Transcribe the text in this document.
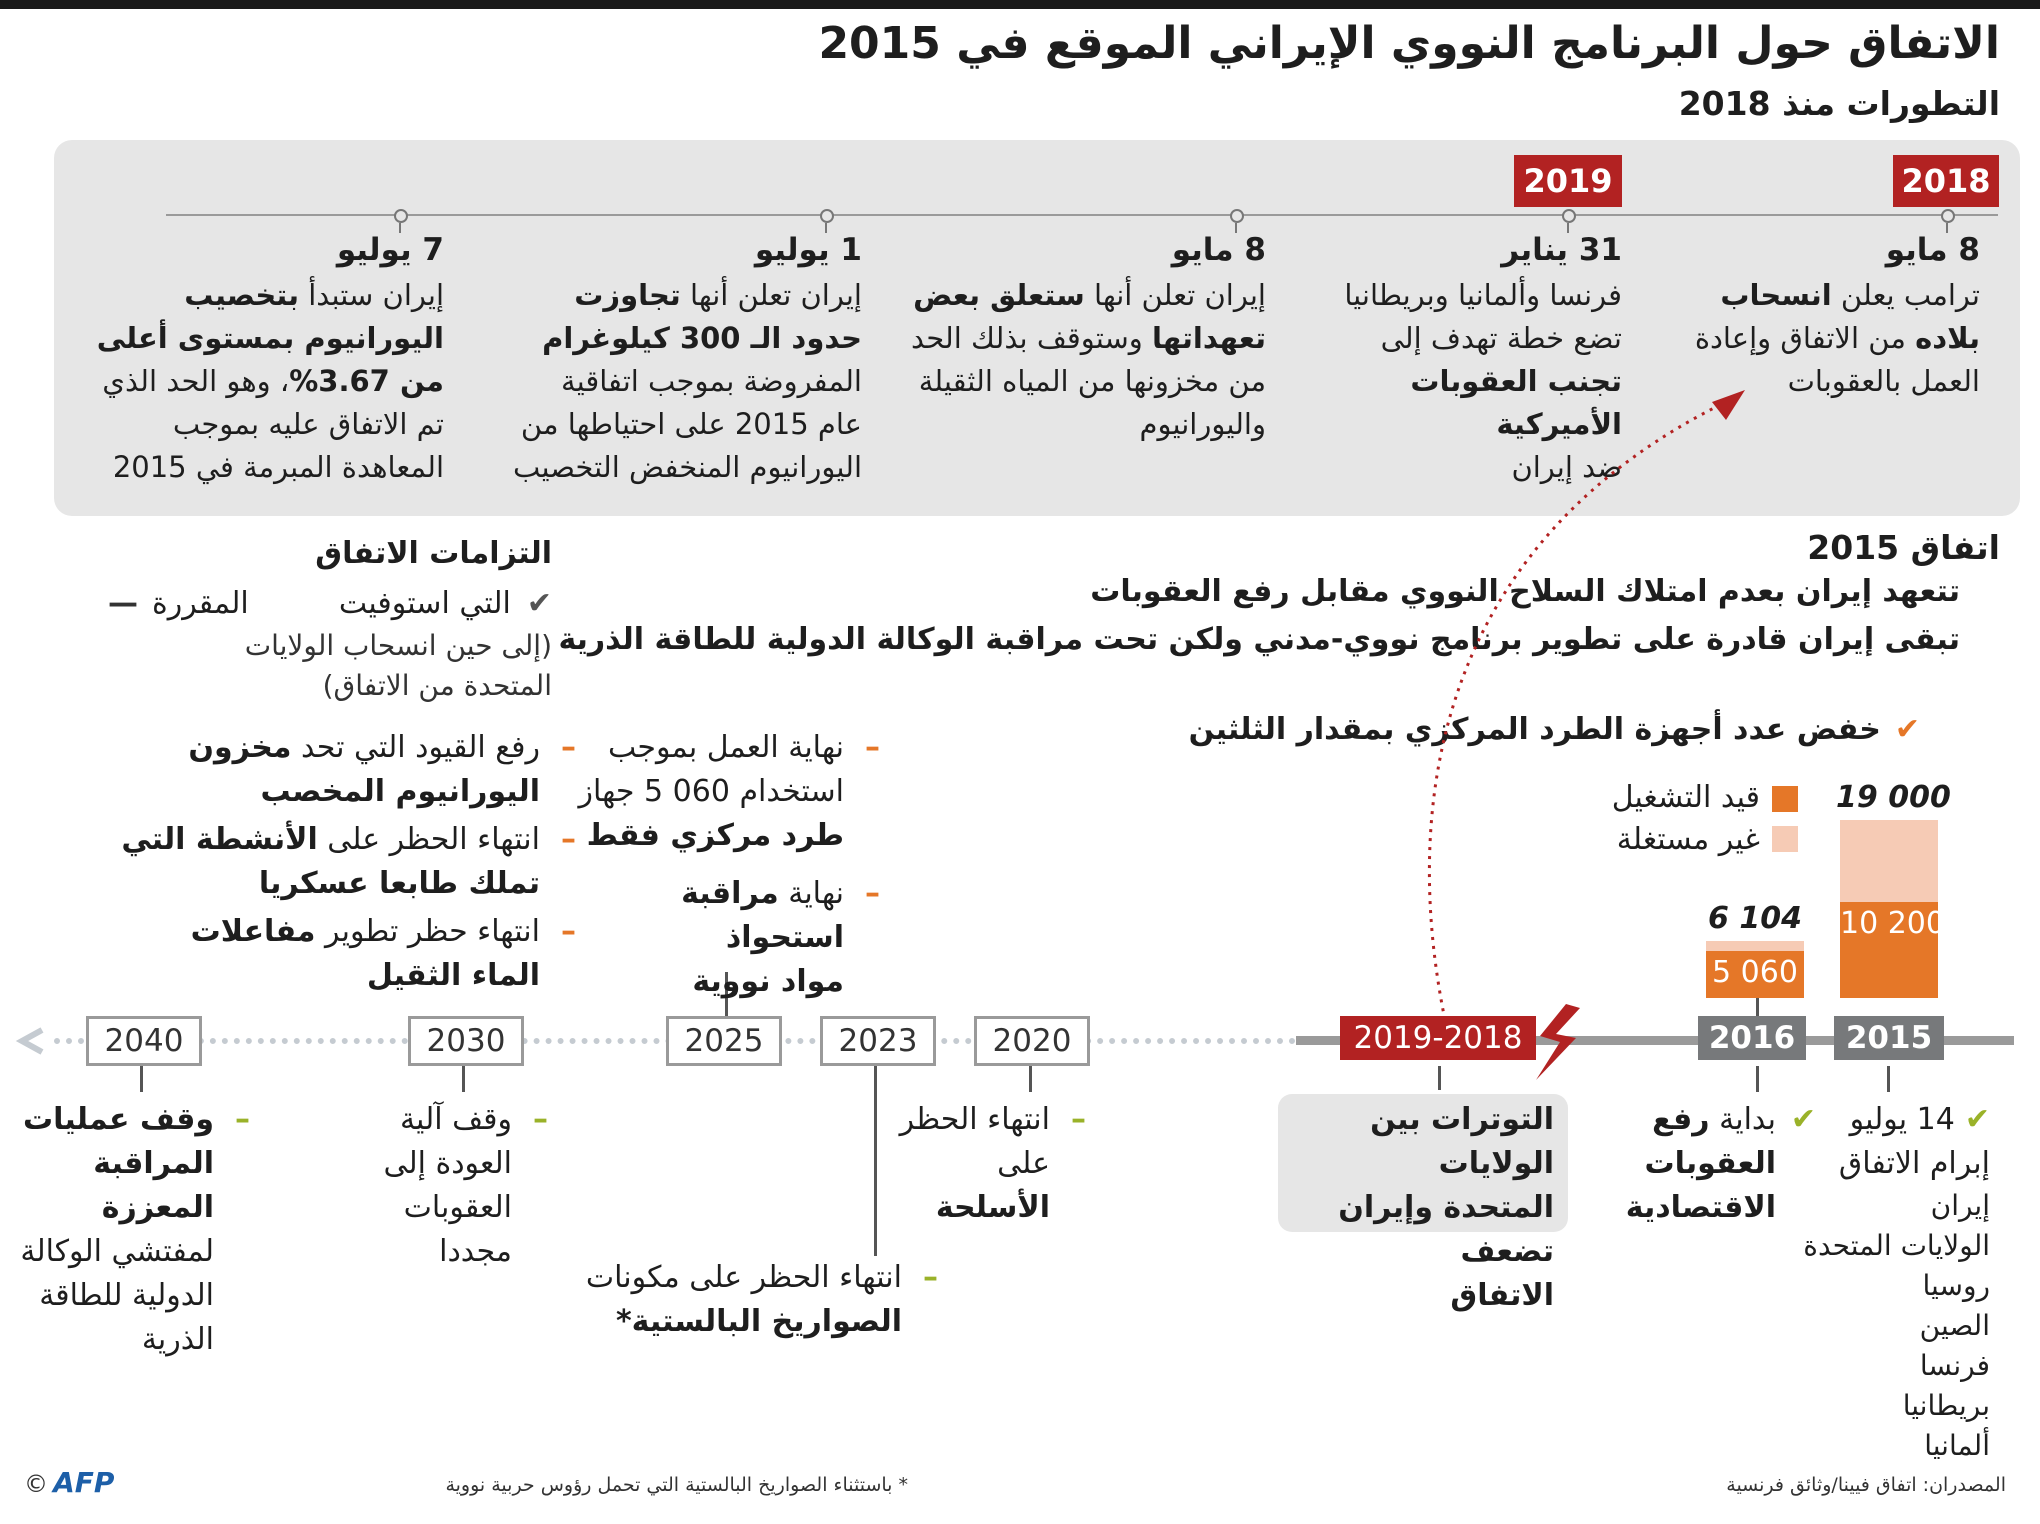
الاتفاق حول البرنامج النووي الإيراني الموقع في 2015
التطورات منذ 2018
2018
2019
8 مايو
ترامب يعلن انسحاب
بلاده من الاتفاق وإعادة
العمل بالعقوبات
31 يناير
فرنسا وألمانيا وبريطانيا
تضع خطة تهدف إلى
تجنب العقوبات الأميركية
ضد إيران
8 مايو
إيران تعلن أنها ستعلق بعض
تعهداتها وستوقف بذلك الحد
من مخزونها من المياه الثقيلة
واليورانيوم
1 يوليو
إيران تعلن أنها تجاوزت
حدود الـ 300 كيلوغرام
المفروضة بموجب اتفاقية
عام 2015 على احتياطها من
اليورانيوم المنخفض التخصيب
7 يوليو
إيران ستبدأ بتخصيب
اليورانيوم بمستوى أعلى
من 3.67%، وهو الحد الذي
تم الاتفاق عليه بموجب
المعاهدة المبرمة في 2015
اتفاق 2015
تتعهد إيران بعدم امتلاك السلاح النووي مقابل رفع العقوبات
تبقى إيران قادرة على تطوير برنامج نووي-مدني ولكن تحت مراقبة الوكالة الدولية للطاقة الذرية
التزامات الاتفاق
✔التي استوفيت
(إلى حين انسحاب الولايات
المتحدة من الاتفاق)
المقررة—
✔خفض عدد أجهزة الطرد المركزي بمقدار الثلثين
قيد التشغيل
غير مستغلة
19 000
10 200
6 104
5 060
2040	2030	2025	2023	2020	2019-2018	2016	2015
–
رفع القيود التي تحد مخزون
اليورانيوم المخصب
–
انتهاء الحظر على الأنشطة التي
تملك طابعا عسكريا
–
انتهاء حظر تطوير مفاعلات
الماء الثقيل
–
نهاية العمل بموجب
استخدام 060 5 جهاز
طرد مركزي فقط
–
نهاية مراقبة استحواذ
مواد نووية
✔14 يوليو
إبرام الاتفاق
إيران
الولايات المتحدة
روسيا
الصين
فرنسا
بريطانيا
ألمانيا
✔
بداية رفع
العقوبات
الاقتصادية
التوترات بين الولايات
المتحدة وإيران تضعف
الاتفاق
–
انتهاء الحظر
على الأسلحة
–
انتهاء الحظر على مكونات
الصواريخ البالستية*
–
وقف آلية
العودة إلى
العقوبات
مجددا
–
وقف عمليات
المراقبة المعززة
لمفتشي الوكالة
الدولية للطاقة
الذرية
المصدران: اتفاق فيينا/وثائق فرنسية
* باستثناء الصواريخ البالستية التي تحمل رؤوس حربية نووية
© AFP
